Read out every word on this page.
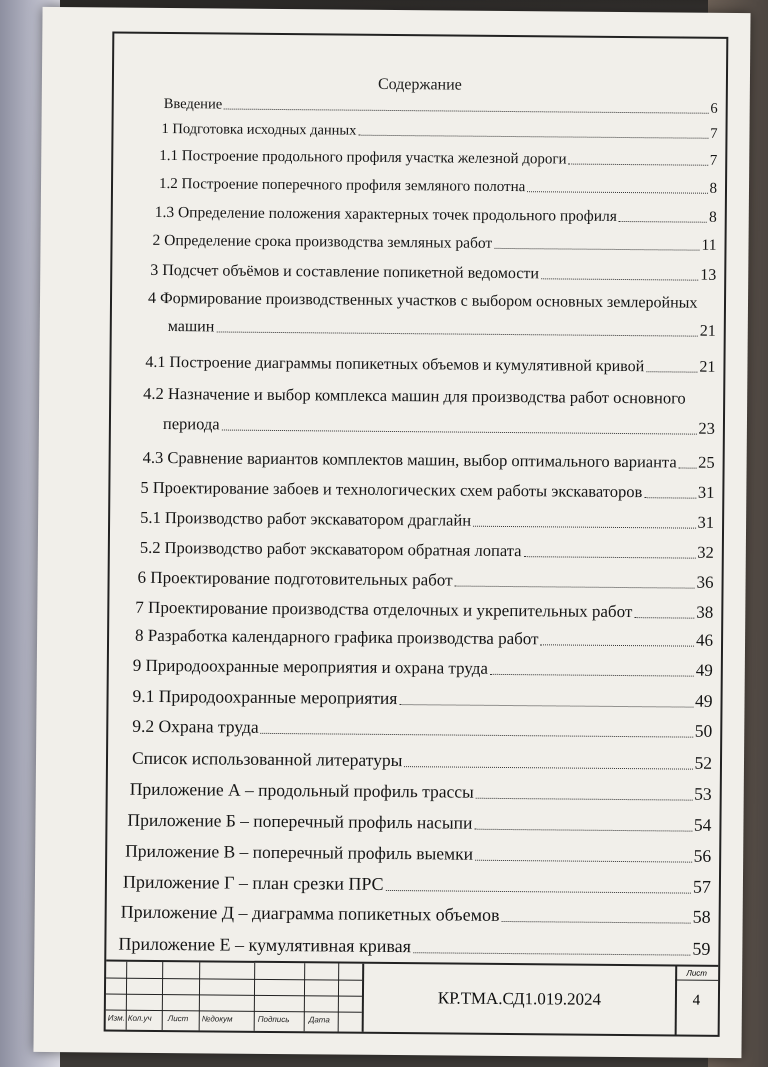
Содержание
Введение	6
1 Подготовка исходных данных	7
1.1 Построение продольного профиля участка железной дороги	7
1.2 Построение поперечного профиля земляного полотна	8
1.3 Определение положения характерных точек продольного профиля	8
2 Определение срока производства земляных работ	11
3 Подсчет объёмов и составление попикетной ведомости	13
4 Формирование производственных участков с выбором основных землеройных
машин	21
4.1 Построение диаграммы попикетных объемов и кумулятивной кривой	21
4.2 Назначение и выбор комплекса машин для производства работ основного
периода	23
4.3 Сравнение вариантов комплектов машин, выбор оптимального варианта 25
5 Проектирование забоев и технологических схем работы экскаваторов	31
5.1 Производство работ экскаватором драглайн	31
5.2 Производство работ экскаватором обратная лопата	32
6 Проектирование подготовительных работ	36
7 Проектирование производства отделочных и укрепительных работ	38
8 Разработка календарного графика производства работ	46
9 Природоохранные мероприятия и охрана труда	49
9.1 Природоохранные мероприятия	49
9.2 Охрана труда	50
Список использованной литературы	52
Приложение А – продольный профиль трассы	53
Приложение Б – поперечный профиль насыпи	54
Приложение В – поперечный профиль выемки	56
Приложение Г – план срезки ПРС	57
Приложение Д – диаграмма попикетных объемов	58
Приложение Е – кумулятивная кривая	59
Изм. Кол.уч Лист №докум	Подпись Дата
КР.ТМА.СД1.019.2024
Лист
4
